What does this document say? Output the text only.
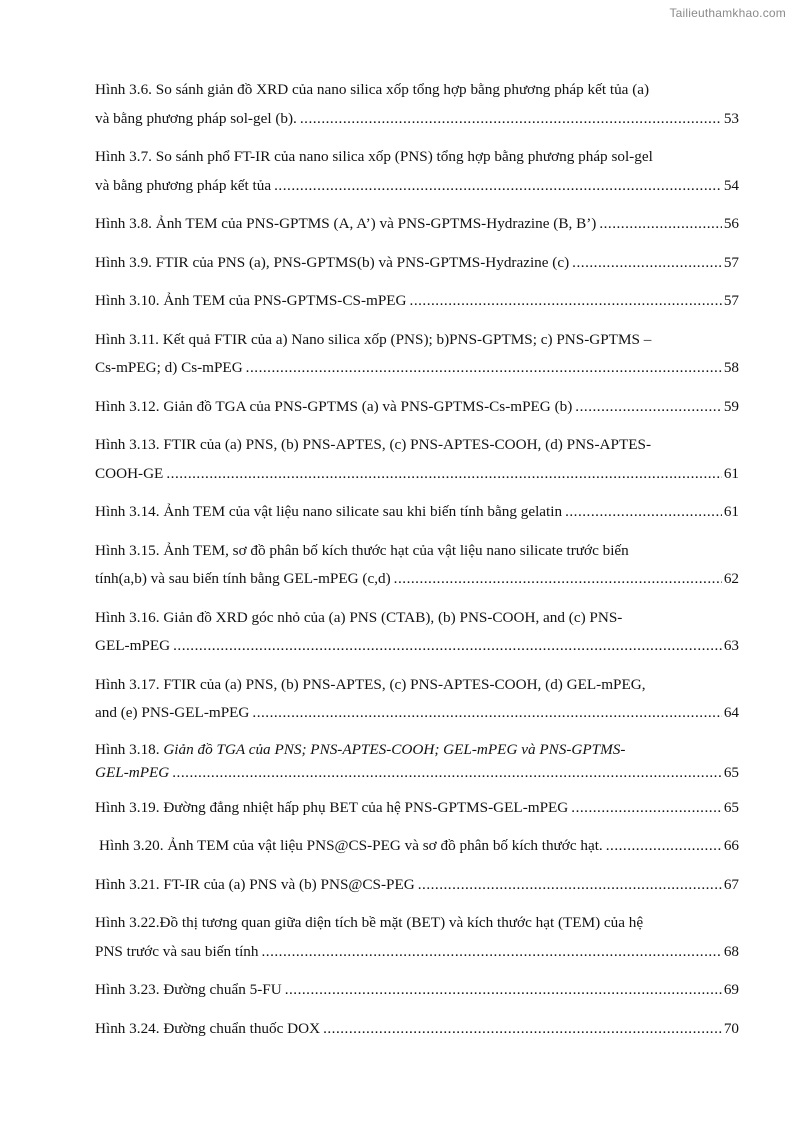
Tailieuthamkhao.com
Hình 3.6. So sánh giản đồ XRD của nano silica xốp tổng hợp bằng phương pháp kết tủa (a)
và bằng phương pháp sol-gel (b). .....	53
Hình 3.7. So sánh phổ FT-IR của nano silica xốp (PNS) tổng hợp bằng phương pháp sol-gel
và bằng phương pháp kết tủa .....	54
Hình 3.8. Ảnh TEM của PNS-GPTMS (A, A’) và PNS-GPTMS-Hydrazine (B, B’) .....	56
Hình 3.9. FTIR của PNS (a), PNS-GPTMS(b) và PNS-GPTMS-Hydrazine (c) .....	57
Hình 3.10. Ảnh TEM của PNS-GPTMS-CS-mPEG .....	57
Hình 3.11. Kết quả FTIR của a) Nano silica xốp (PNS); b)PNS-GPTMS; c) PNS-GPTMS –
Cs-mPEG; d) Cs-mPEG .....	58
Hình 3.12. Giản đồ TGA của PNS-GPTMS (a) và PNS-GPTMS-Cs-mPEG (b) .....	59
Hình 3.13. FTIR của (a) PNS, (b) PNS-APTES, (c) PNS-APTES-COOH, (d) PNS-APTES-
COOH-GE .....	61
Hình 3.14. Ảnh TEM của vật liệu nano silicate sau khi biến tính bằng gelatin .....	61
Hình 3.15. Ảnh TEM, sơ đồ phân bố kích thước hạt của vật liệu nano silicate trước biến
tính(a,b) và sau biến tính bằng GEL-mPEG (c,d) .....	62
Hình 3.16. Giản đồ XRD góc nhỏ của (a) PNS (CTAB), (b) PNS-COOH, and (c) PNS-
GEL-mPEG .....	63
Hình 3.17. FTIR của (a) PNS, (b) PNS-APTES, (c) PNS-APTES-COOH, (d) GEL-mPEG,
and (e) PNS-GEL-mPEG .....	64
Hình 3.18. Giản đồ TGA của PNS; PNS-APTES-COOH; GEL-mPEG và PNS-GPTMS-
GEL-mPEG .....	65
Hình 3.19. Đường đẳng nhiệt hấp phụ BET của hệ PNS-GPTMS-GEL-mPEG .....	65
Hình 3.20. Ảnh TEM của vật liệu PNS@CS-PEG và sơ đồ phân bố kích thước hạt. .....	66
Hình 3.21. FT-IR của (a) PNS và (b) PNS@CS-PEG .....	67
Hình 3.22.Đồ thị tương quan giữa diện tích bề mặt (BET) và kích thước hạt (TEM) của hệ
PNS trước và sau biến tính .....	68
Hình 3.23. Đường chuẩn 5-FU .....	69
Hình 3.24. Đường chuẩn thuốc DOX .....	70
